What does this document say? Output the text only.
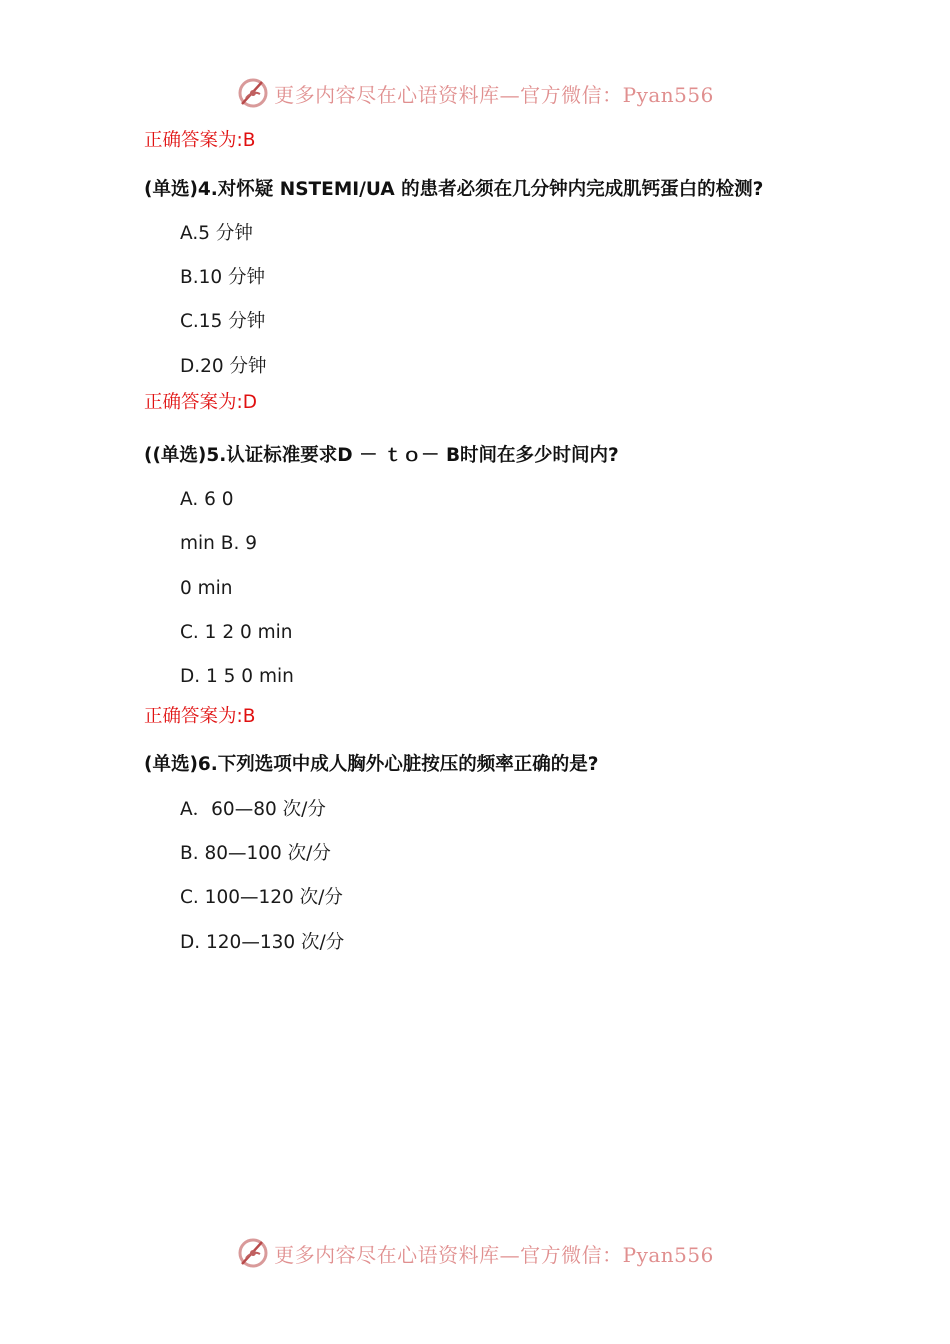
更多内容尽在心语资料库—官方微信：Pyan556
正确答案为:B
(单选)4.对怀疑 NSTEMI/UA 的患者必须在几分钟内完成肌钙蛋白的检测?
A.5 分钟
B.10 分钟
C.15 分钟
D.20 分钟
正确答案为:D
((单选)5.认证标准要求D － ｔｏ－ B时间在多少时间内?
A. 6 0
min B. 9
0 min
C. 1 2 0 min
D. 1 5 0 min
正确答案为:B
(单选)6.下列选项中成人胸外心脏按压的频率正确的是?
A．60—80 次/分
B. 80—100 次/分
C. 100—120 次/分
D. 120—130 次/分
更多内容尽在心语资料库—官方微信：Pyan556
